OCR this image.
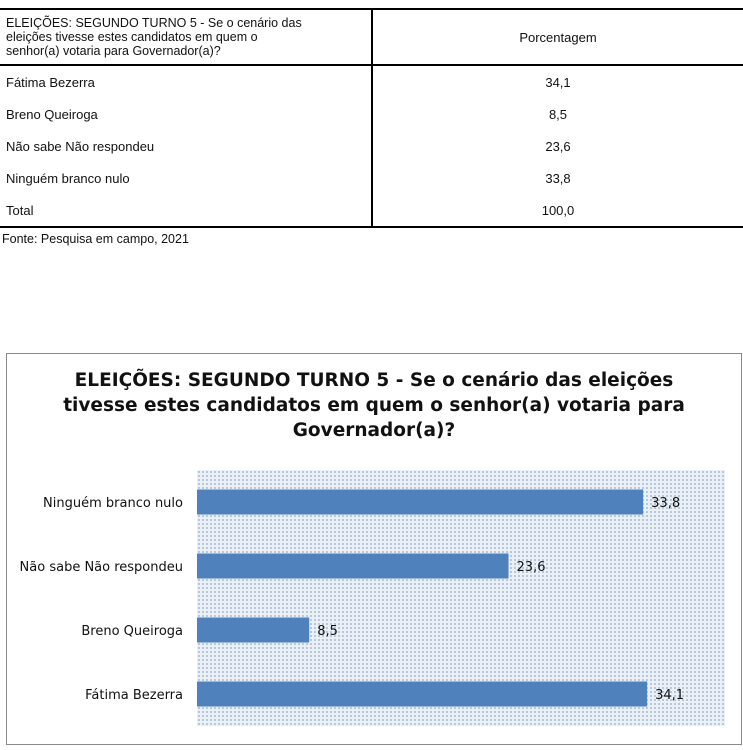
ELEIÇÕES: SEGUNDO TURNO 5 - Se o cenário das
eleições tivesse estes candidatos em quem o
senhor(a) votaria para Governador(a)?	Porcentagem
Fátima Bezerra	34,1
Breno Queiroga	8,5
Não sabe Não respondeu	23,6
Ninguém branco nulo	33,8
Total	100,0
Fonte: Pesquisa em campo, 2021
ELEIÇÕES: SEGUNDO TURNO 5 - Se o cenário das eleições
tivesse estes candidatos em quem o senhor(a) votaria para
Governador(a)?
Ninguém branco nulo	33,8
Não sabe Não respondeu	23,6
Breno Queiroga	8,5
Fátima Bezerra	34,1
